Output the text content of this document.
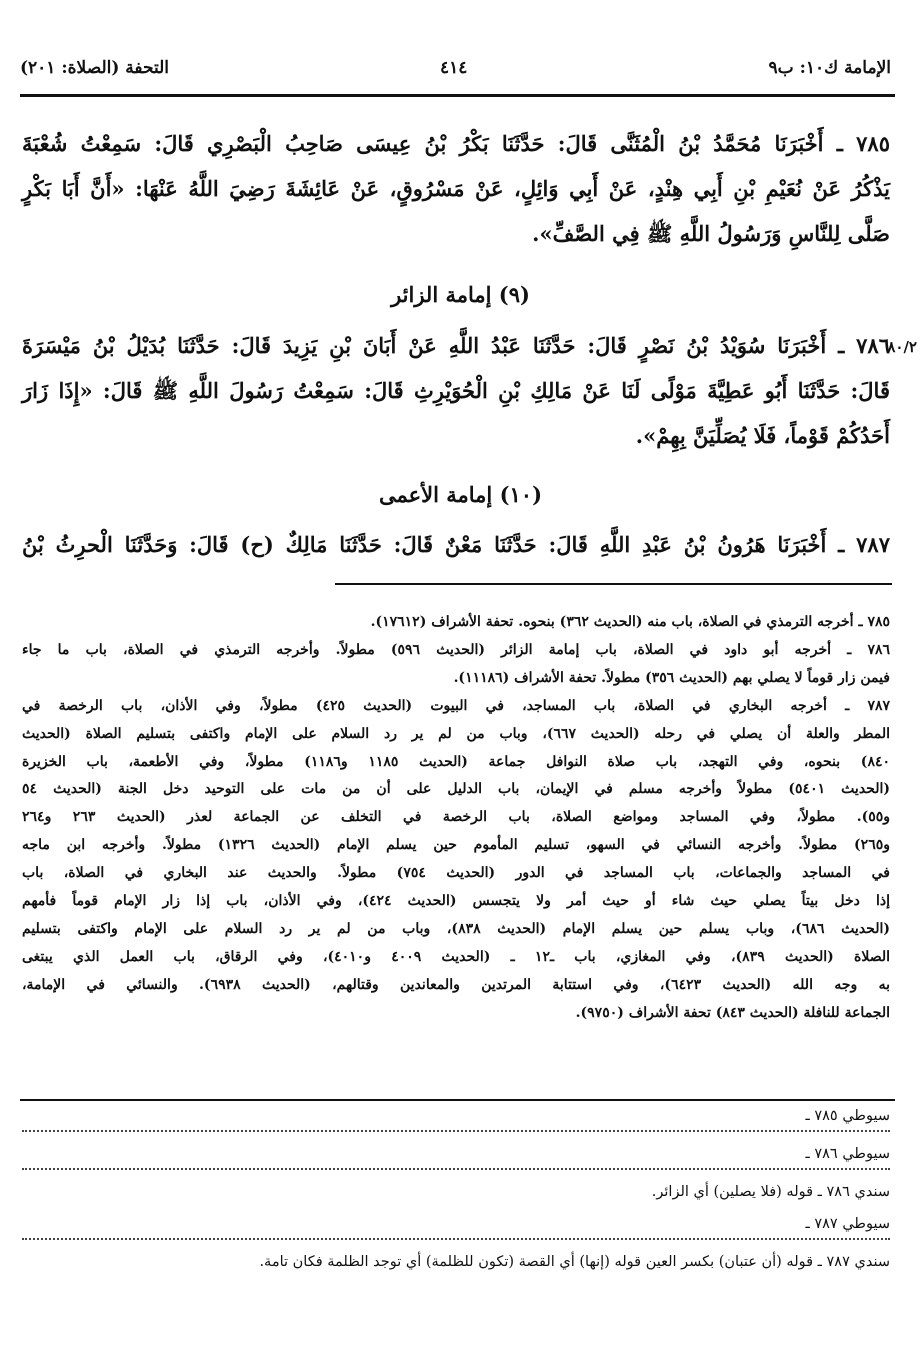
الإمامة ك١٠: ب٩
٤١٤
التحفة (الصلاة: ٢٠١)
٧٨٥ ـ أَخْبَرَنَا مُحَمَّدُ بْنُ الْمُثَنَّى قَالَ: حَدَّثَنَا بَكْرُ بْنُ عِيسَى صَاحِبُ الْبَصْرِي قَالَ: سَمِعْتُ شُعْبَةَ
يَذْكُرُ عَنْ نُعَيْمِ بْنِ أَبِي هِنْدٍ، عَنْ أَبِي وَائِلٍ، عَنْ مَسْرُوقٍ، عَنْ عَائِشَةَ رَضِيَ اللَّهُ عَنْهَا: «أَنَّ أَبَا بَكْرٍ
صَلَّى لِلنَّاسِ وَرَسُولُ اللَّهِ ﷺ فِي الصَّفِّ».
(٩) إمامة الزائر
٨٠/٢
٧٨٦ ـ أَخْبَرَنَا سُوَيْدُ بْنُ نَصْرٍ قَالَ: حَدَّثَنَا عَبْدُ اللَّهِ عَنْ أَبَانَ بْنِ يَزِيدَ قَالَ: حَدَّثَنَا بُدَيْلُ بْنُ مَيْسَرَةَ
قَالَ: حَدَّثَنَا أَبُو عَطِيَّةَ مَوْلًى لَنَا عَنْ مَالِكِ بْنِ الْحُوَيْرِثِ قَالَ: سَمِعْتُ رَسُولَ اللَّهِ ﷺ قَالَ: «إِذَا زَارَ
أَحَدُكُمْ قَوْماً، فَلَا يُصَلِّيَنَّ بِهِمْ».
(١٠) إمامة الأعمى
٧٨٧ ـ أَخْبَرَنَا هَرُونُ بْنُ عَبْدِ اللَّهِ قَالَ: حَدَّثَنَا مَعْنٌ قَالَ: حَدَّثَنَا مَالِكٌ (ح) قَالَ: وَحَدَّثَنَا الْحرِثُ بْنُ
٧٨٥ ـ أخرجه الترمذي في الصلاة، باب منه (الحديث ٣٦٢) بنحوه. تحفة الأشراف (١٧٦١٢).
٧٨٦ ـ أخرجه أبو داود في الصلاة، باب إمامة الزائر (الحديث ٥٩٦) مطولاً. وأخرجه الترمذي في الصلاة، باب ما جاء
فيمن زار قوماً لا يصلي بهم (الحديث ٣٥٦) مطولاً. تحفة الأشراف (١١١٨٦).
٧٨٧ ـ أخرجه البخاري في الصلاة، باب المساجد، في البيوت (الحديث ٤٢٥) مطولاً، وفي الأذان، باب الرخصة في
المطر والعلة أن يصلي في رحله (الحديث ٦٦٧)، وباب من لم ير رد السلام على الإمام واكتفى بتسليم الصلاة (الحديث
٨٤٠) بنحوه، وفي التهجد، باب صلاة النوافل جماعة (الحديث ١١٨٥ و١١٨٦) مطولاً، وفي الأطعمة، باب الخزيرة
(الحديث ٥٤٠١) مطولاً وأخرجه مسلم في الإيمان، باب الدليل على أن من مات على التوحيد دخل الجنة (الحديث ٥٤
و٥٥). مطولاً، وفي المساجد ومواضع الصلاة، باب الرخصة في التخلف عن الجماعة لعذر (الحديث ٢٦٣ و٢٦٤
و٢٦٥) مطولاً. وأخرجه النسائي في السهو، تسليم المأموم حين يسلم الإمام (الحديث ١٣٢٦) مطولاً. وأخرجه ابن ماجه
في المساجد والجماعات، باب المساجد في الدور (الحديث ٧٥٤) مطولاً. والحديث عند البخاري في الصلاة، باب
إذا دخل بيتاً يصلي حيث شاء أو حيث أمر ولا يتجسس (الحديث ٤٢٤)، وفي الأذان، باب إذا زار الإمام قوماً فأمهم
(الحديث ٦٨٦)، وباب يسلم حين يسلم الإمام (الحديث ٨٣٨)، وباب من لم ير رد السلام على الإمام واكتفى بتسليم
الصلاة (الحديث ٨٣٩)، وفي المغازي، باب ـ١٢ ـ (الحديث ٤٠٠٩ و٤٠١٠)، وفي الرقاق، باب العمل الذي يبتغى
به وجه الله (الحديث ٦٤٢٣)، وفي استتابة المرتدين والمعاندين وقتالهم، (الحديث ٦٩٣٨). والنسائي في الإمامة،
الجماعة للنافلة (الحديث ٨٤٣) تحفة الأشراف (٩٧٥٠).
سيوطي ٧٨٥ ـ
سيوطي ٧٨٦ ـ
سندي ٧٨٦ ـ قوله (فلا يصلين) أي الزائر.
سيوطي ٧٨٧ ـ
سندي ٧٨٧ ـ قوله (أن عتبان) بكسر العين قوله (إنها) أي القصة (تكون للظلمة) أي توجد الظلمة فكان تامة.
